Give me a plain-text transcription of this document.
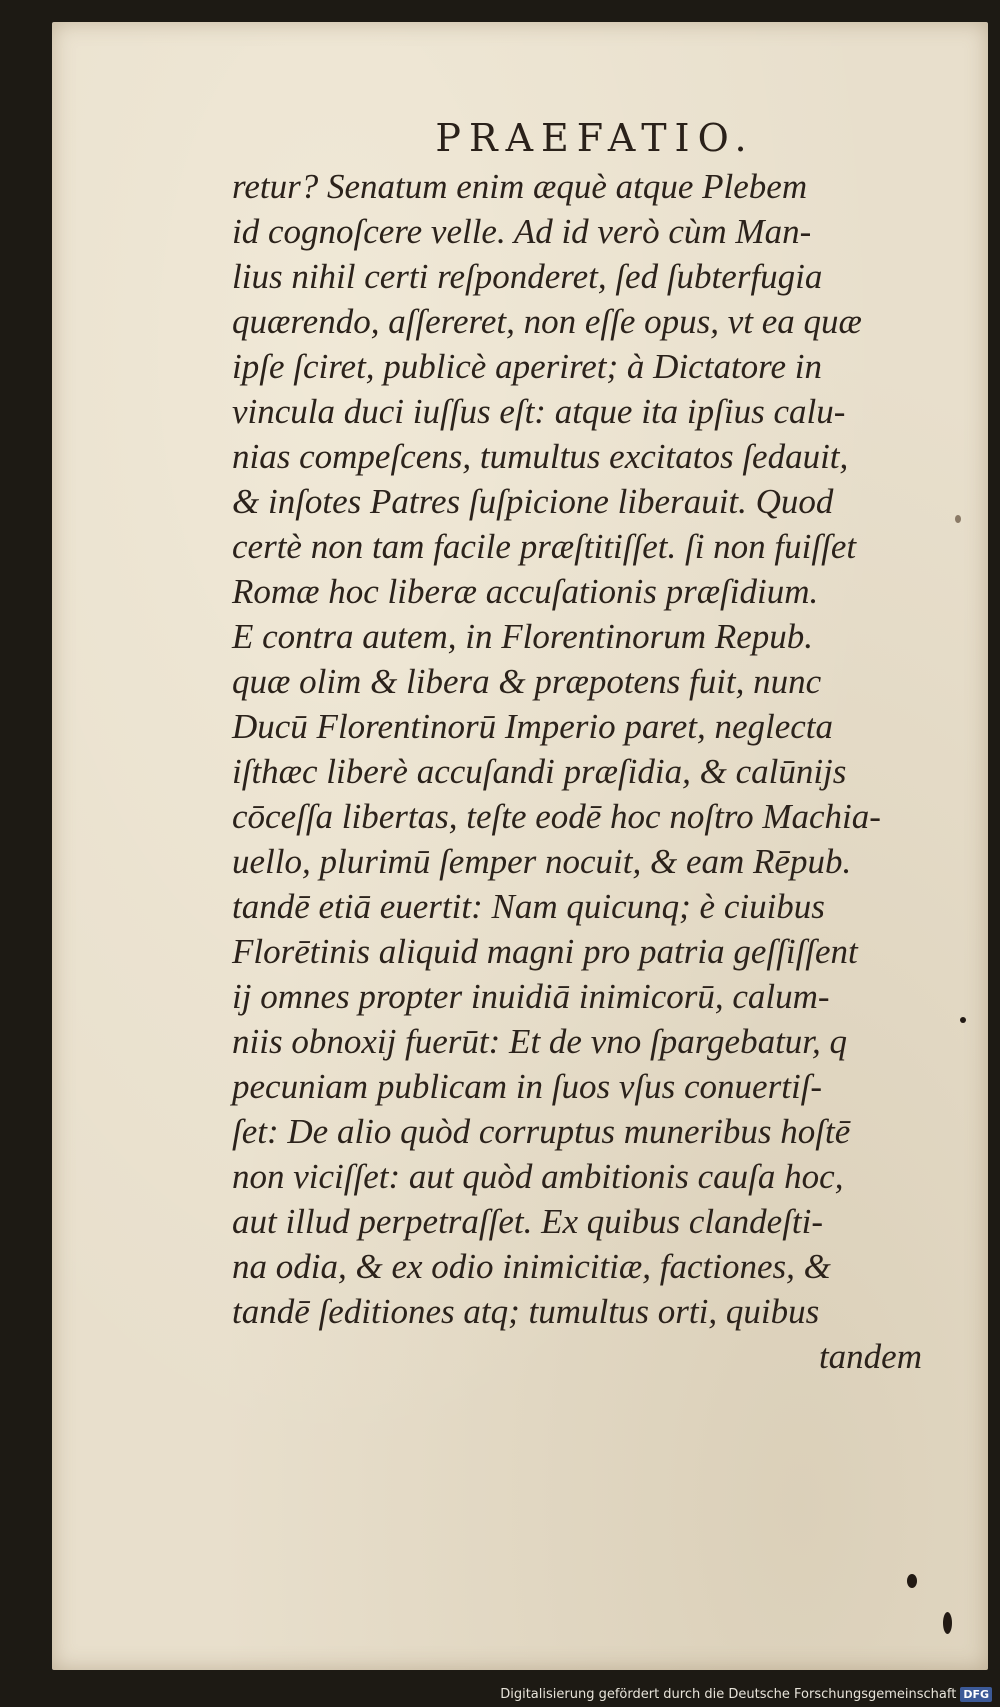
PRAEFATIO.
retur? Senatum enim æquè atque Plebem
id cognoſcere velle. Ad id verò cùm Man-
lius nihil certi reſponderet, ſed ſubterfugia
quærendo, aſſereret, non eſſe opus, vt ea quæ
ipſe ſciret, publicè aperiret; à Dictatore in
vincula duci iuſſus eſt: atque ita ipſius calu-
nias compeſcens, tumultus excitatos ſedauit,
& inſotes Patres ſuſpicione liberauit. Quod
certè non tam facile præſtitiſſet. ſi non fuiſſet
Romæ hoc liberæ accuſationis præſidium.
E contra autem, in Florentinorum Repub.
quæ olim & libera & præpotens fuit, nunc
Ducū Florentinorū Imperio paret, neglecta
iſthæc liberè accuſandi præſidia, & calūnijs
cōceſſa libertas, teſte eodē hoc noſtro Machia-
uello, plurimū ſemper nocuit, & eam Rēpub.
tandē etiā euertit: Nam quicunq; è ciuibus
Florētinis aliquid magni pro patria geſſiſſent
ij omnes propter inuidiā inimicorū, calum-
niis obnoxij fuerūt: Et de vno ſpargebatur, q
pecuniam publicam in ſuos vſus conuertiſ-
ſet: De alio quòd corruptus muneribus hoſtē
non viciſſet: aut quòd ambitionis cauſa hoc,
aut illud perpetraſſet. Ex quibus clandeſti-
na odia, & ex odio inimicitiæ, factiones, &
tandē ſeditiones atq; tumultus orti, quibus
tandem
Digitalisierung gefördert durch die Deutsche Forschungsgemeinschaft DFG
